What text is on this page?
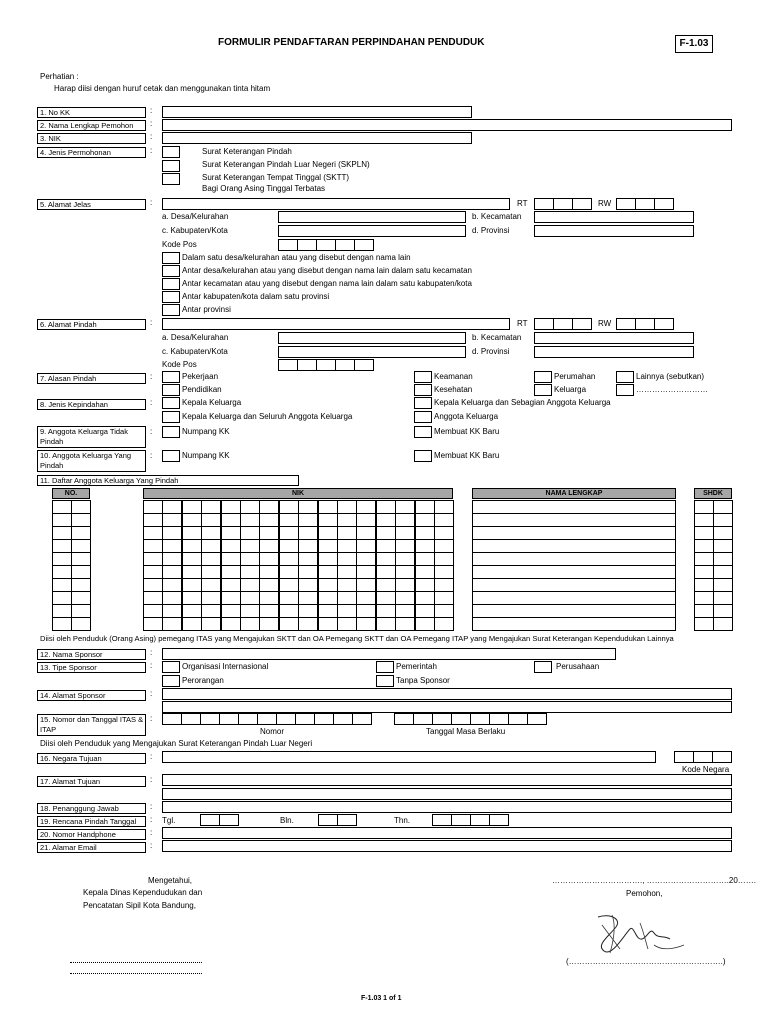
FORMULIR PENDAFTARAN PERPINDAHAN PENDUDUK	F-1.03
Perhatian :
Harap diisi dengan huruf cetak dan menggunakan tinta hitam
1. No KK	:
2. Nama Lengkap Pemohon	:
3. NIK	:
4. Jenis Permohonan	:	Surat Keterangan Pindah
Surat Keterangan Pindah Luar Negeri (SKPLN)
Surat Keterangan Tempat Tinggal (SKTT)
Bagi Orang Asing Tinggal Terbatas
5. Alamat Jelas	:	RT	RW
a. Desa/Kelurahan	b. Kecamatan
c. Kabupaten/Kota	d. Provinsi
Kode Pos
Dalam satu desa/kelurahan atau yang disebut dengan nama lain
Antar desa/kelurahan atau yang disebut dengan nama lain dalam satu kecamatan
Antar kecamatan atau yang disebut dengan nama lain dalam satu kabupaten/kota
Antar kabupaten/kota dalam satu provinsi
Antar provinsi
6. Alamat Pindah	:	RT	RW
a. Desa/Kelurahan	b. Kecamatan
c. Kabupaten/Kota	d. Provinsi
Kode Pos
7. Alasan Pindah	:	Pekerjaan
Pendidikan
Keamanan
Kesehatan
Perumahan
Keluarga
Lainnya (sebutkan)
………………………
8. Jenis Kepindahan	:	Kepala Keluarga
Kepala Keluarga dan Seluruh Anggota Keluarga
Kepala Keluarga dan Sebagian Anggota Keluarga
Anggota Keluarga
9. Anggota Keluarga Tidak Pindah
:	Numpang KK	Membuat KK Baru
10. Anggota Keluarga Yang Pindah
:	Numpang KK	Membuat KK Baru
11. Daftar Anggota Keluarga Yang Pindah
NO.	NIK	NAMA LENGKAP	SHDK
Diisi oleh Penduduk (Orang Asing) pemegang ITAS yang Mengajukan SKTT dan OA Pemegang SKTT dan OA Pemegang ITAP yang Mengajukan Surat Keterangan Kependudukan Lainnya
12. Nama Sponsor	:
13. Tipe Sponsor	:	Organisasi Internasional	Pemerintah	Perusahaan
Perorangan	Tanpa Sponsor
14. Alamat Sponsor	:
15. Nomor dan Tanggal ITAS & ITAP
:
Nomor	Tanggal Masa Berlaku
Diisi oleh Penduduk yang Mengajukan Surat Keterangan Pindah Luar Negeri
16. Negara Tujuan	:
Kode Negara
17. Alamat Tujuan	:
18. Penanggung Jawab	:
19. Rencana Pindah Tanggal	: Tgl.	Bln.	Thn.
20. Nomor Handphone	:
21. Alamar Email	:
Mengetahui,
Kepala Dinas Kependudukan dan
Pencatatan Sipil Kota Bandung,
……………………………., ………………………….20…….
Pemohon,
(………………………………………………….)
F-1.03 1 of 1
